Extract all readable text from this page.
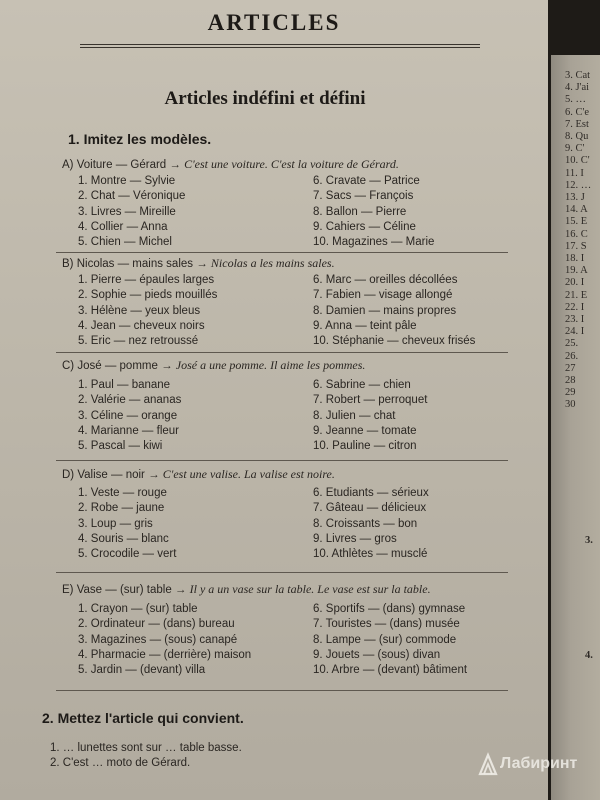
ARTICLES
Articles indéfini et défini
1. Imitez les modèles.
A) Voiture — Gérard → C'est une voiture. C'est la voiture de Gérard.
1. Montre — Sylvie
2. Chat — Véronique
3. Livres — Mireille
4. Collier — Anna
5. Chien — Michel
6. Cravate — Patrice
7. Sacs — François
8. Ballon — Pierre
9. Cahiers — Céline
10. Magazines — Marie
B) Nicolas — mains sales → Nicolas a les mains sales.
1. Pierre — épaules larges
2. Sophie — pieds mouillés
3. Hélène — yeux bleus
4. Jean — cheveux noirs
5. Eric — nez retroussé
6. Marc — oreilles décollées
7. Fabien — visage allongé
8. Damien — mains propres
9. Anna — teint pâle
10. Stéphanie — cheveux frisés
C) José — pomme → José a une pomme. Il aime les pommes.
1. Paul — banane
2. Valérie — ananas
3. Céline — orange
4. Marianne — fleur
5. Pascal — kiwi
6. Sabrine — chien
7. Robert — perroquet
8. Julien — chat
9. Jeanne — tomate
10. Pauline — citron
D) Valise — noir → C'est une valise. La valise est noire.
1. Veste — rouge
2. Robe — jaune
3. Loup — gris
4. Souris — blanc
5. Crocodile — vert
6. Etudiants — sérieux
7. Gâteau — délicieux
8. Croissants — bon
9. Livres — gros
10. Athlètes — musclé
E) Vase — (sur) table → Il y a un vase sur la table. Le vase est sur la table.
1. Crayon — (sur) table
2. Ordinateur — (dans) bureau
3. Magazines — (sous) canapé
4. Pharmacie — (derrière) maison
5. Jardin — (devant) villa
6. Sportifs — (dans) gymnase
7. Touristes — (dans) musée
8. Lampe — (sur) commode
9. Jouets — (sous) divan
10. Arbre — (devant) bâtiment
2. Mettez l'article qui convient.
1. … lunettes sont sur … table basse.
2. C'est … moto de Gérard.
3. Cat
4. J'ai
5. …
6. C'e
7. Est
8. Qu
9. C'
10. C'
11. I
12. …
13. J
14. A
15. E
16. C
17. S
18. I
19. A
20. I
21. E
22. I
23. I
24. I
25.
26.
27
28
29
30
3.
4.
Лабиринт
